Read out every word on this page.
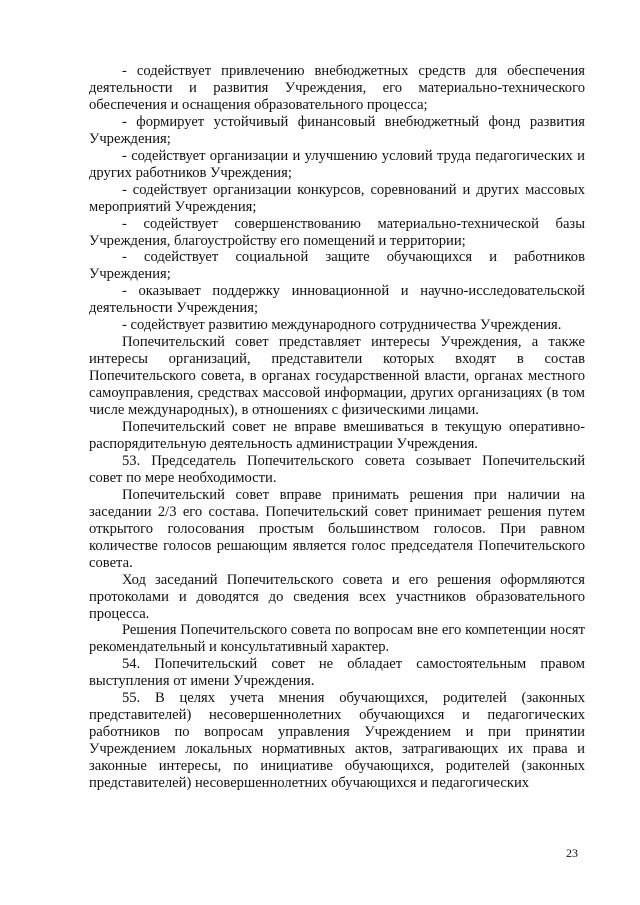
- содействует привлечению внебюджетных средств для обеспечения деятельности и развития Учреждения, его материально-технического обеспечения и оснащения образовательного процесса;

- формирует устойчивый финансовый внебюджетный фонд развития Учреждения;

- содействует организации и улучшению условий труда педагогических и других работников Учреждения;

- содействует организации конкурсов, соревнований и других массовых мероприятий Учреждения;

- содействует совершенствованию материально-технической базы Учреждения, благоустройству его помещений и территории;

- содействует социальной защите обучающихся и работников Учреждения;

- оказывает поддержку инновационной и научно-исследовательской деятельности Учреждения;

- содействует развитию международного сотрудничества Учреждения.

Попечительский совет представляет интересы Учреждения, а также интересы организаций, представители которых входят в состав Попечительского совета, в органах государственной власти, органах местного самоуправления, средствах массовой информации, других организациях (в том числе международных), в отношениях с физическими лицами.

Попечительский совет не вправе вмешиваться в текущую оперативно-распорядительную деятельность администрации Учреждения.

53. Председатель Попечительского совета созывает Попечительский совет по мере необходимости.

Попечительский совет вправе принимать решения при наличии на заседании 2/3 его состава. Попечительский совет принимает решения путем открытого голосования простым большинством голосов. При равном количестве голосов решающим является голос председателя Попечительского совета.

Ход заседаний Попечительского совета и его решения оформляются протоколами и доводятся до сведения всех участников образовательного процесса.

Решения Попечительского совета по вопросам вне его компетенции носят рекомендательный и консультативный характер.

54. Попечительский совет не обладает самостоятельным правом выступления от имени Учреждения.

55. В целях учета мнения обучающихся, родителей (законных представителей) несовершеннолетних обучающихся и педагогических работников по вопросам управления Учреждением и при принятии Учреждением локальных нормативных актов, затрагивающих их права и законные интересы, по инициативе обучающихся, родителей (законных представителей) несовершеннолетних обучающихся и педагогических

23
